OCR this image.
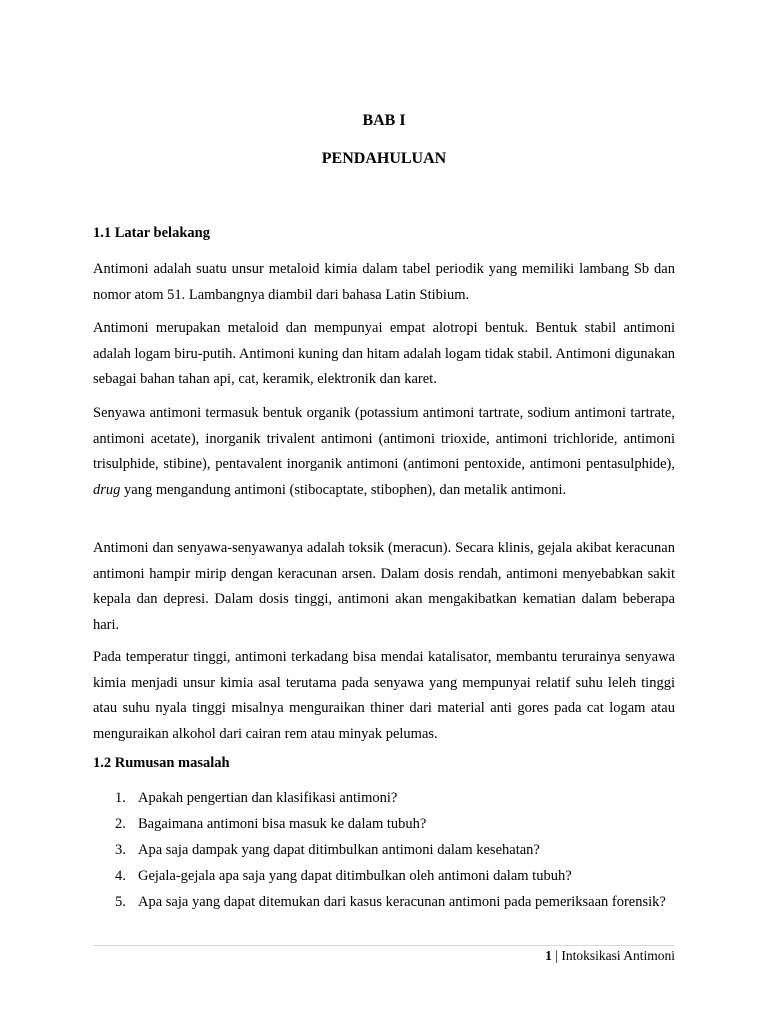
BAB I
PENDAHULUAN
1.1 Latar belakang

Antimoni adalah suatu unsur metaloid kimia dalam tabel periodik yang memiliki lambang Sb dan nomor atom 51. Lambangnya diambil dari bahasa Latin Stibium.

Antimoni merupakan metaloid dan mempunyai empat alotropi bentuk. Bentuk stabil antimoni adalah logam biru-putih. Antimoni kuning dan hitam adalah logam tidak stabil. Antimoni digunakan sebagai bahan tahan api, cat, keramik, elektronik dan karet.

Senyawa antimoni termasuk bentuk organik (potassium antimoni tartrate, sodium antimoni tartrate, antimoni acetate), inorganik trivalent antimoni (antimoni trioxide, antimoni trichloride, antimoni trisulphide, stibine), pentavalent inorganik antimoni (antimoni pentoxide, antimoni pentasulphide), drug yang mengandung antimoni (stibocaptate, stibophen), dan metalik antimoni.

Antimoni dan senyawa-senyawanya adalah toksik (meracun). Secara klinis, gejala akibat keracunan antimoni hampir mirip dengan keracunan arsen. Dalam dosis rendah, antimoni menyebabkan sakit kepala dan depresi. Dalam dosis tinggi, antimoni akan mengakibatkan kematian dalam beberapa hari.

Pada temperatur tinggi, antimoni terkadang bisa mendai katalisator, membantu terurainya senyawa kimia menjadi unsur kimia asal terutama pada senyawa yang mempunyai relatif suhu leleh tinggi atau suhu nyala tinggi misalnya menguraikan thiner dari material anti gores pada cat logam atau menguraikan alkohol dari cairan rem atau minyak pelumas.

1.2 Rumusan masalah
1. Apakah pengertian dan klasifikasi antimoni?
2. Bagaimana antimoni bisa masuk ke dalam tubuh?
3. Apa saja dampak yang dapat ditimbulkan antimoni dalam kesehatan?
4. Gejala-gejala apa saja yang dapat ditimbulkan oleh antimoni dalam tubuh?
5. Apa saja yang dapat ditemukan dari kasus keracunan antimoni pada pemeriksaan forensik?
1 | Intoksikasi Antimoni
